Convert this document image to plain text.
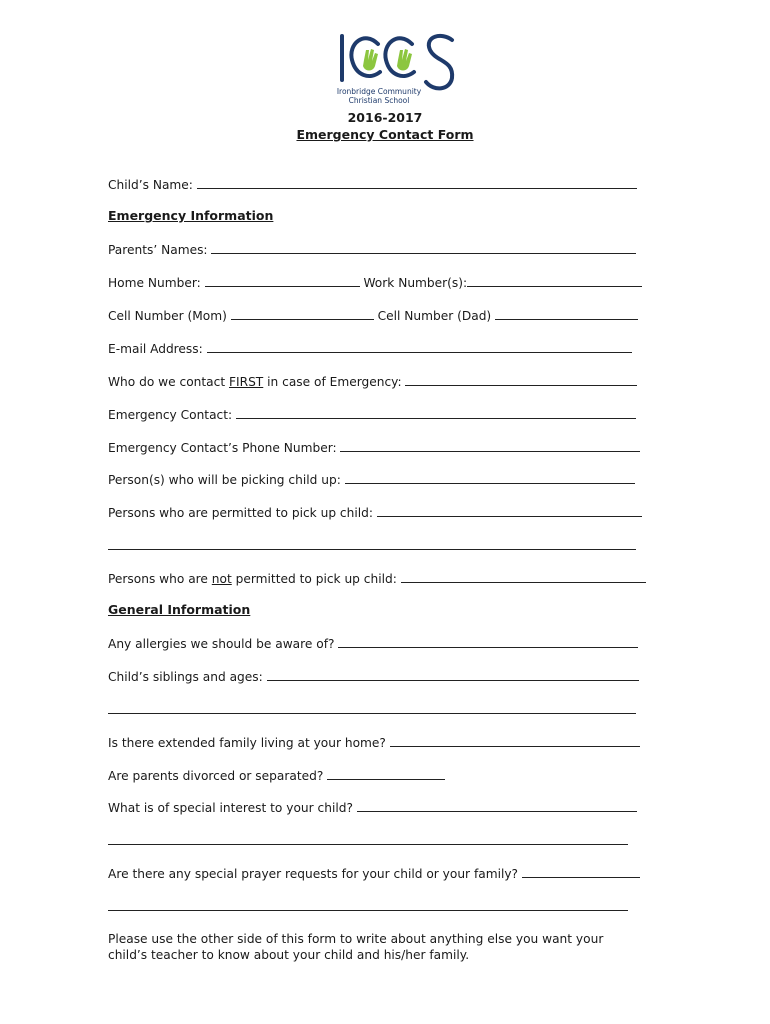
Ironbridge Community
Christian School
2016-2017
Emergency Contact Form
Child’s Name:
Emergency Information
Parents’ Names:
Home Number:	Work Number(s):
Cell Number (Mom)	Cell Number (Dad)
E-mail Address:
Who do we contact FIRST in case of Emergency:
Emergency Contact:
Emergency Contact’s Phone Number:
Person(s) who will be picking child up:
Persons who are permitted to pick up child:
Persons who are not permitted to pick up child:
General Information
Any allergies we should be aware of?
Child’s siblings and ages:
Is there extended family living at your home?
Are parents divorced or separated?
What is of special interest to your child?
Are there any special prayer requests for your child or your family?
Please use the other side of this form to write about anything else you want your child’s teacher to know about your child and his/her family.
